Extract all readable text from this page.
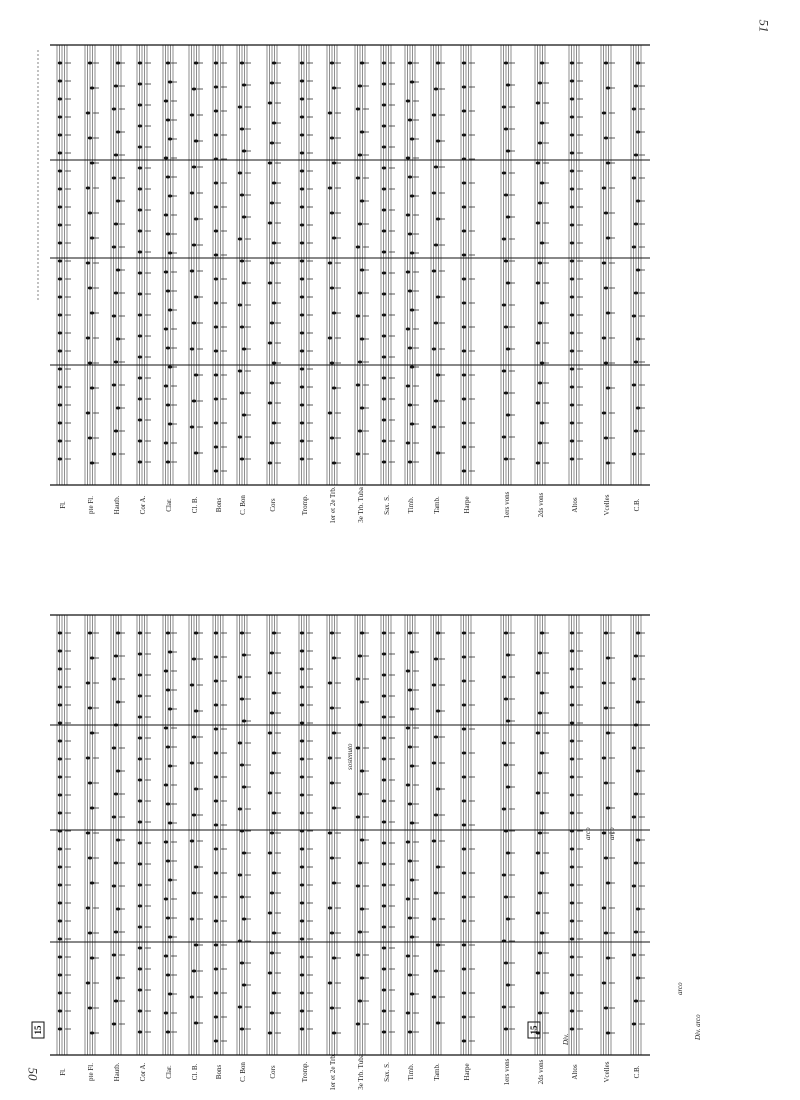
51
50
Fl.	pte Fl.	Hautb.	Cor A.	Clar.	Cl. B. Bons C. Bon	Cors	Tromp.	1er et 2e Trb.	3e Trb. Tuba	Sax. S. Timb.	Tamb.	Harpe	1ers vons	2ds vons	Altos	Vcelles	C.B.
Fl.	pte Fl.	Hautb.	Cor A.	Clar.	Cl. B. Bons C. Bon	Cors	Tromp.	1er et 2e Trb.	3e Trb. Tuba	Sax. S. Timb.	Tamb.	Harpe	1ers vons	2ds vons	Altos	Vcelles	C.B.
15	15
Div.
arco arco
arco
Div. arco
sostenuto
